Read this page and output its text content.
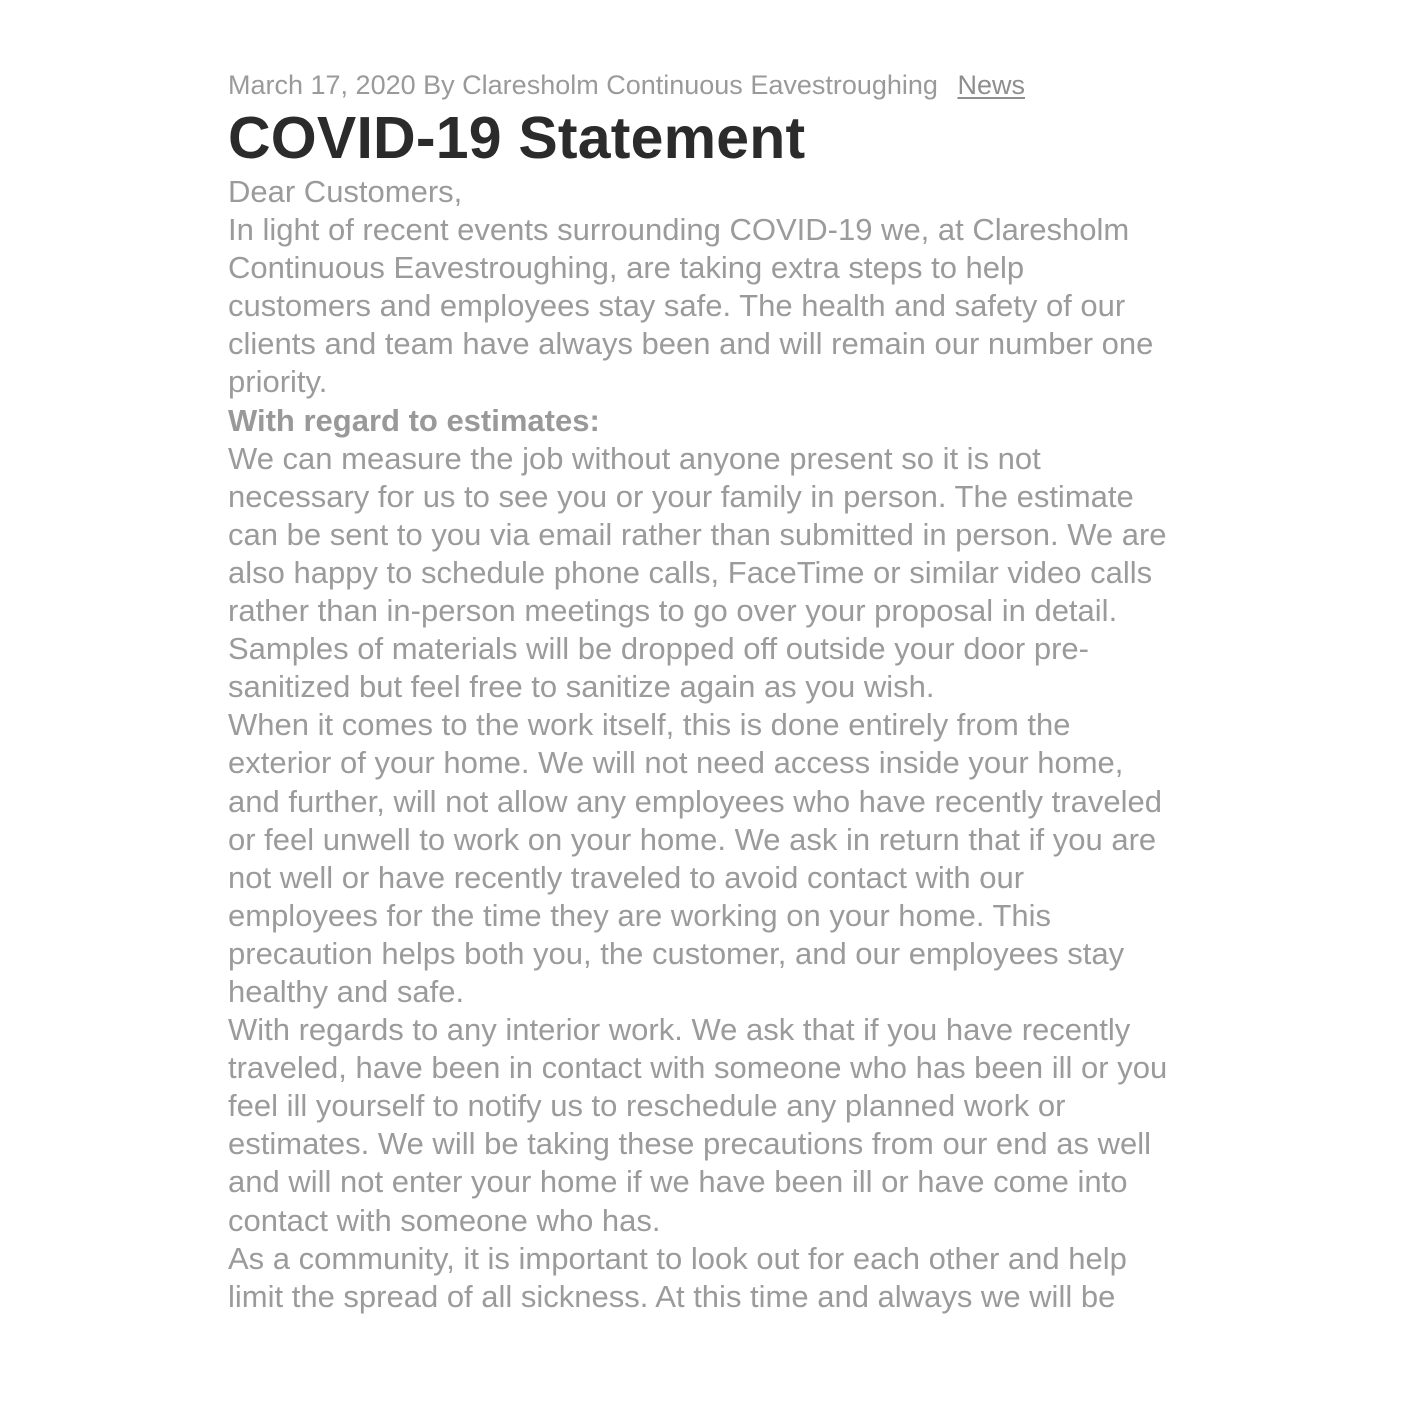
March 17, 2020 By Claresholm Continuous Eavestroughing News
COVID-19 Statement

Dear Customers,

In light of recent events surrounding COVID-19 we, at Claresholm Continuous Eavestroughing, are taking extra steps to help customers and employees stay safe. The health and safety of our clients and team have always been and will remain our number one priority.

With regard to estimates:

We can measure the job without anyone present so it is not necessary for us to see you or your family in person. The estimate can be sent to you via email rather than submitted in person. We are also happy to schedule phone calls, FaceTime or similar video calls rather than in-person meetings to go over your proposal in detail. Samples of materials will be dropped off outside your door pre-sanitized but feel free to sanitize again as you wish.

When it comes to the work itself, this is done entirely from the exterior of your home. We will not need access inside your home, and further, will not allow any employees who have recently traveled or feel unwell to work on your home. We ask in return that if you are not well or have recently traveled to avoid contact with our employees for the time they are working on your home. This precaution helps both you, the customer, and our employees stay healthy and safe.

With regards to any interior work. We ask that if you have recently traveled, have been in contact with someone who has been ill or you feel ill yourself to notify us to reschedule any planned work or estimates. We will be taking these precautions from our end as well and will not enter your home if we have been ill or have come into contact with someone who has.

As a community, it is important to look out for each other and help limit the spread of all sickness. At this time and always we will be
